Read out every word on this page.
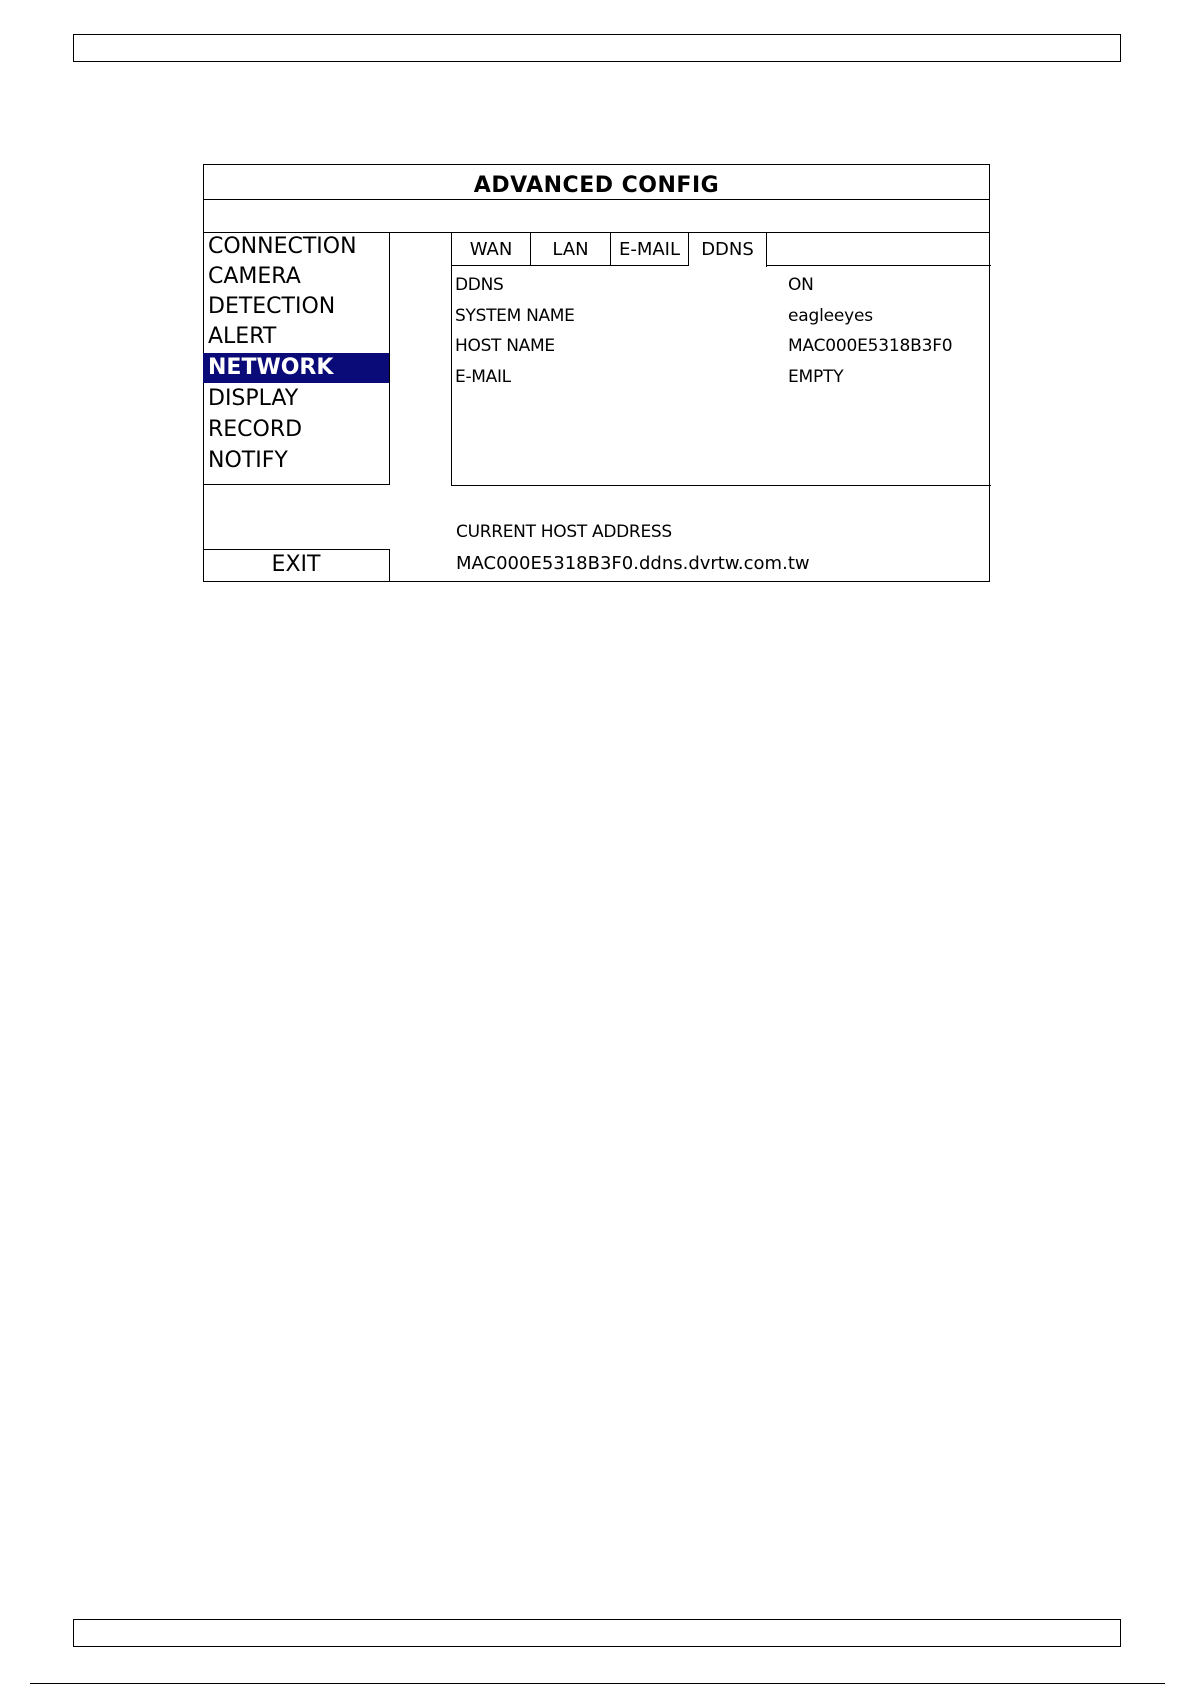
ADVANCED CONFIG
CONNECTION
CAMERA
DETECTION
ALERT
NETWORK
DISPLAY
RECORD
NOTIFY
EXIT
WAN	LAN	E-MAIL	DDNS
DDNS	ON
SYSTEM NAME	eagleeyes
HOST NAME	MAC000E5318B3F0
E-MAIL	EMPTY
CURRENT HOST ADDRESS
MAC000E5318B3F0.ddns.dvrtw.com.tw
